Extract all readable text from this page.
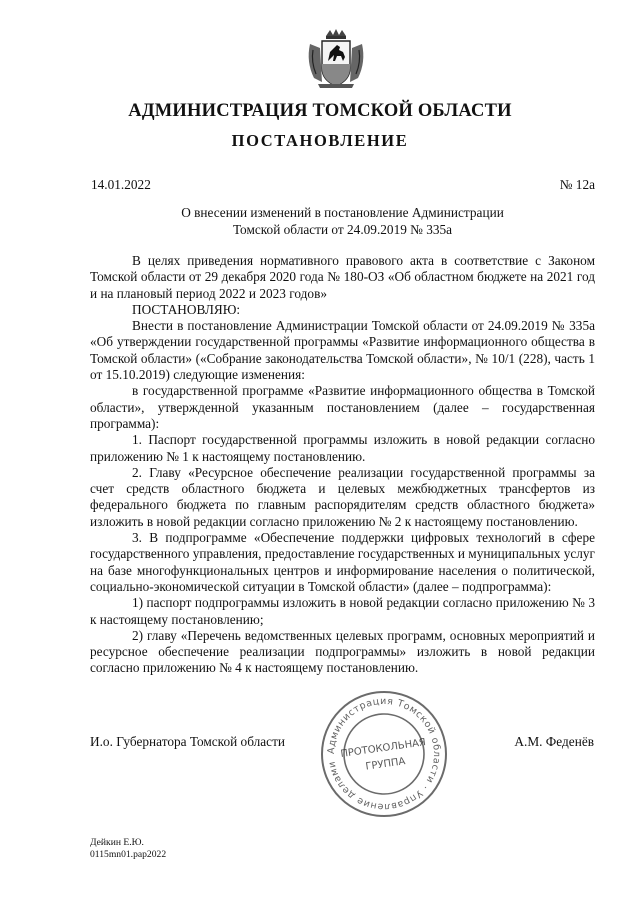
АДМИНИСТРАЦИЯ ТОМСКОЙ ОБЛАСТИ
ПОСТАНОВЛЕНИЕ
14.01.2022	№ 12а
О внесении изменений в постановление Администрации
Томской области от 24.09.2019 № 335а

В целях приведения нормативного правового акта в соответствие с Законом Томской области от 29 декабря 2020 года № 180-ОЗ «Об областном бюджете на 2021 год и на плановый период 2022 и 2023 годов»

ПОСТАНОВЛЯЮ:

Внести в постановление Администрации Томской области от 24.09.2019 № 335а «Об утверждении государственной программы «Развитие информационного общества в Томской области» («Собрание законодательства Томской области», № 10/1 (228), часть 1 от 15.10.2019) следующие изменения:

в государственной программе «Развитие информационного общества в Томской области», утвержденной указанным постановлением (далее – государственная программа):

1. Паспорт государственной программы изложить в новой редакции согласно приложению № 1 к настоящему постановлению.

2. Главу «Ресурсное обеспечение реализации государственной программы за счет средств областного бюджета и целевых межбюджетных трансфертов из федерального бюджета по главным распорядителям средств областного бюджета» изложить в новой редакции согласно приложению № 2 к настоящему постановлению.

3. В подпрограмме «Обеспечение поддержки цифровых технологий в сфере государственного управления, предоставление государственных и муниципальных услуг на базе многофункциональных центров и информирование населения о политической, социально-экономической ситуации в Томской области» (далее – подпрограмма):

1) паспорт подпрограммы изложить в новой редакции согласно приложению № 3 к настоящему постановлению;

2) главу «Перечень ведомственных целевых программ, основных мероприятий и ресурсное обеспечение реализации подпрограммы» изложить в новой редакции согласно приложению № 4 к настоящему постановлению.

И.о. Губернатора Томской области	А.М. Феденёв
Администрация Томской области · Управление делами
ПРОТОКОЛЬНАЯ
ГРУППА
Дейкин Е.Ю.
0115mn01.pap2022
